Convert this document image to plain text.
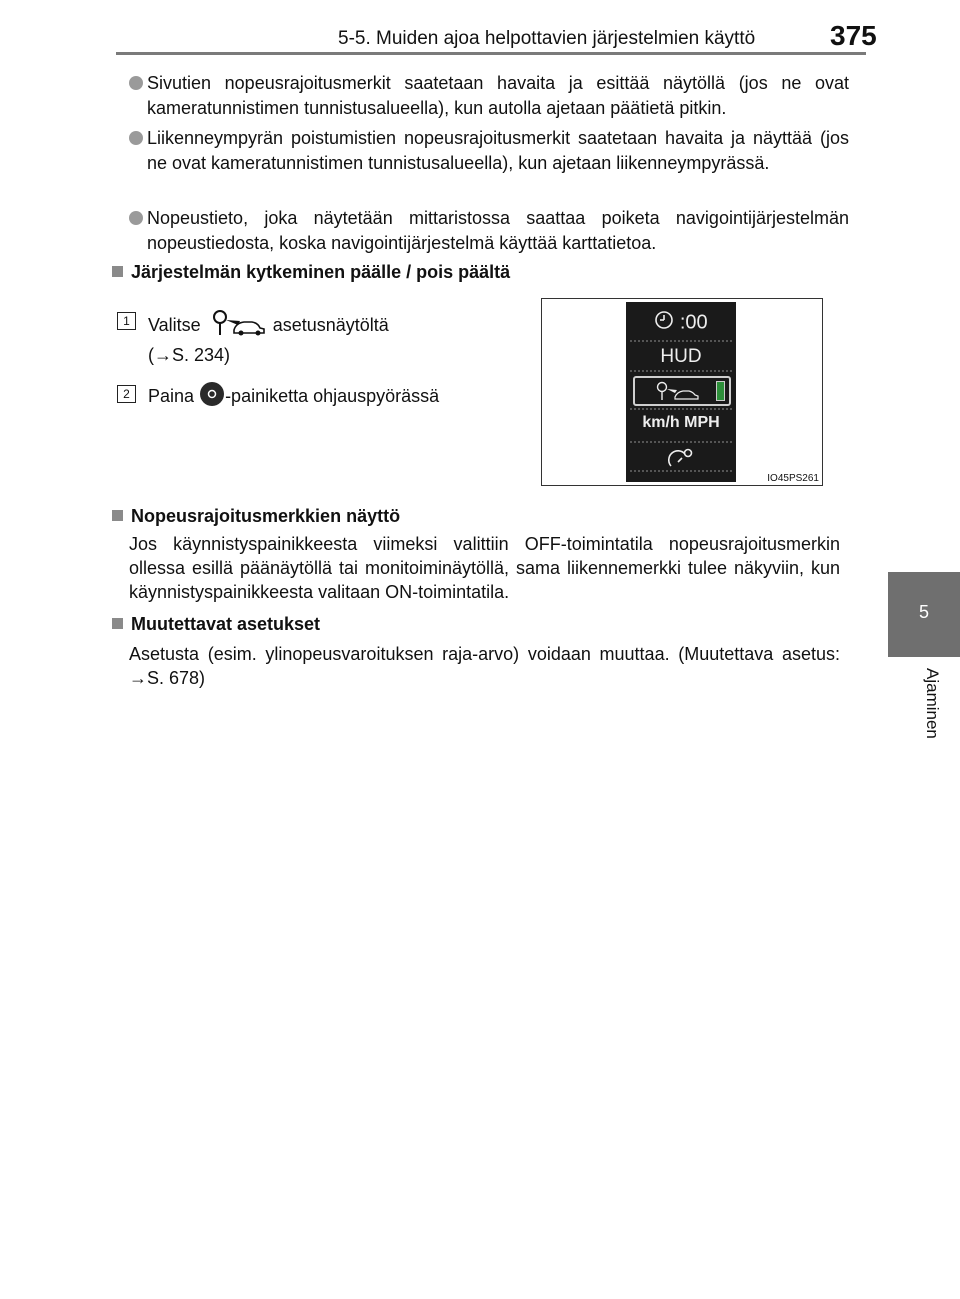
5-5. Muiden ajoa helpottavien järjestelmien käyttö	375
5
Ajaminen
Sivutien nopeusrajoitusmerkit saatetaan havaita ja esittää näytöllä (jos ne ovat kameratunnistimen tunnistusalueella), kun autolla ajetaan päätietä pitkin.
Liikenneympyrän poistumistien nopeusrajoitusmerkit saatetaan havaita ja näyttää (jos ne ovat kameratunnistimen tunnistusalueella), kun ajetaan liikenneympyrässä.
Nopeustieto, joka näytetään mittaristossa saattaa poiketa navigointijärjestelmän nopeustiedosta, koska navigointijärjestelmä käyttää karttatietoa.
Järjestelmän kytkeminen päälle / pois päältä
1	Valitse	asetusnäytöltä
(→S. 234)
2	Paina -painiketta ohjauspyörässä
:00
HUD
km/h MPH
IO45PS261
Nopeusrajoitusmerkkien näyttö
Jos käynnistyspainikkeesta viimeksi valittiin OFF-toimintatila nopeusrajoitusmerkin ollessa esillä päänäytöllä tai monitoiminäytöllä, sama liikennemerkki tulee näkyviin, kun käynnistyspainikkeesta valitaan ON-toimintatila.
Muutettavat asetukset
Asetusta (esim. ylinopeusvaroituksen raja-arvo) voidaan muuttaa. (Muutettava asetus: →S. 678)
